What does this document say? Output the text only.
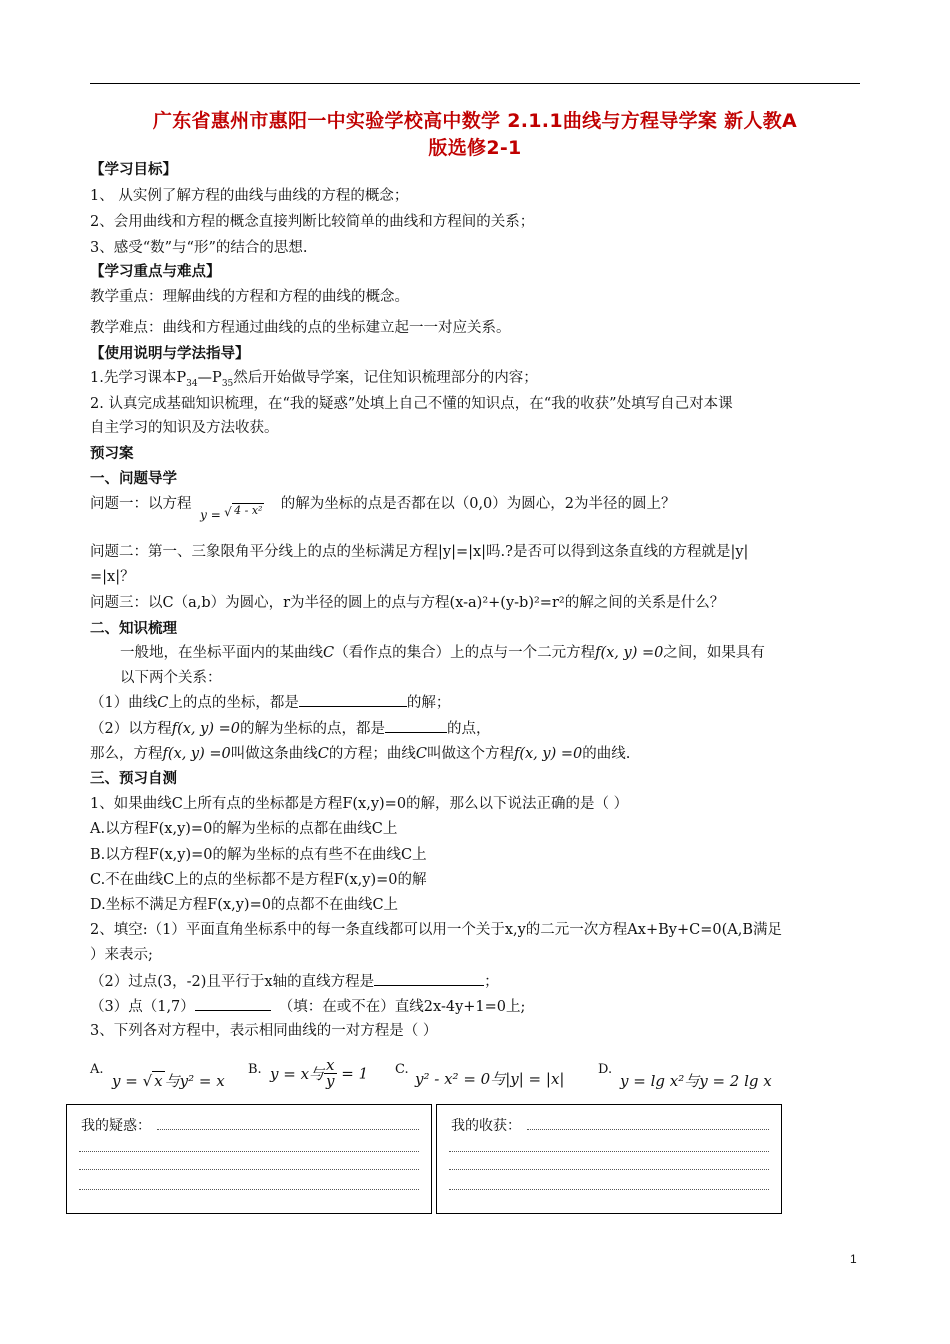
广东省惠州市惠阳一中实验学校高中数学 2.1.1曲线与方程导学案 新人教A
版选修2-1
【学习目标】
1、 从实例了解方程的曲线与曲线的方程的概念；
2、会用曲线和方程的概念直接判断比较简单的曲线和方程间的关系；
3、感受“数”与“形”的结合的思想.
【学习重点与难点】
教学重点：理解曲线的方程和方程的曲线的概念。
教学难点：曲线和方程通过曲线的点的坐标建立起一一对应关系。
【使用说明与学法指导】
1.先学习课本$P_{34}—P_{35}$然后开始做导学案，记住知识梳理部分的内容；
2. 认真完成基础知识梳理，在“我的疑惑”处填上自己不懂的知识点，在“我的收获”处填写自己对本课
自主学习的知识及方法收获。
预习案
一、问题导学
问题一：以方程
y = √ 4 - x² 的解为坐标的点是否都在以（0,0）为圆心，2为半径的圆上？
问题二：第一、三象限角平分线上的点的坐标满足方程|y|=|x|吗.?是否可以得到这条直线的方程就是|y|
=|x|？
问题三：以C（a,b）为圆心，r为半径的圆上的点与方程(x-a)²+(y-b)²=r²的解之间的关系是什么？
二、知识梳理
一般地，在坐标平面内的某曲线C（看作点的集合）上的点与一个二元方程f(x, y) =0之间，如果具有
以下两个关系：
（1）曲线C上的点的坐标，都是	的解；
（2）以方程f(x, y) =0的解为坐标的点，都是	的点，
那么，方程f(x, y) =0叫做这条曲线C的方程；曲线C叫做这个方程f(x, y) =0的曲线.
三、预习自测
1、如果曲线C上所有点的坐标都是方程F(x,y)=0的解，那么以下说法正确的是（ ）
A.以方程F(x,y)=0的解为坐标的点都在曲线C上
B.以方程F(x,y)=0的解为坐标的点有些不在曲线C上
C.不在曲线C上的点的坐标都不是方程F(x,y)=0的解
D.坐标不满足方程F(x,y)=0的点都不在曲线C上
2、填空:（1）平面直角坐标系中的每一条直线都可以用一个关于x,y的二元一次方程Ax+By+C=0(A,B满足
）来表示;
（2）过点(3，-2)且平行于x轴的直线方程是	；
（3）点（1,7）	（填：在或不在）直线2x-4y+1=0上;
3、下列各对方程中，表示相同曲线的一对方程是（ ）
A.
y = √ x 与y² = x
B. y = x与 $\frac{x}{y} = 1$ C.
y² - x² = 0与|y| = |x|
D.
y = lg x²与y = 2 lg x
我的疑惑：	我的收获：
1
